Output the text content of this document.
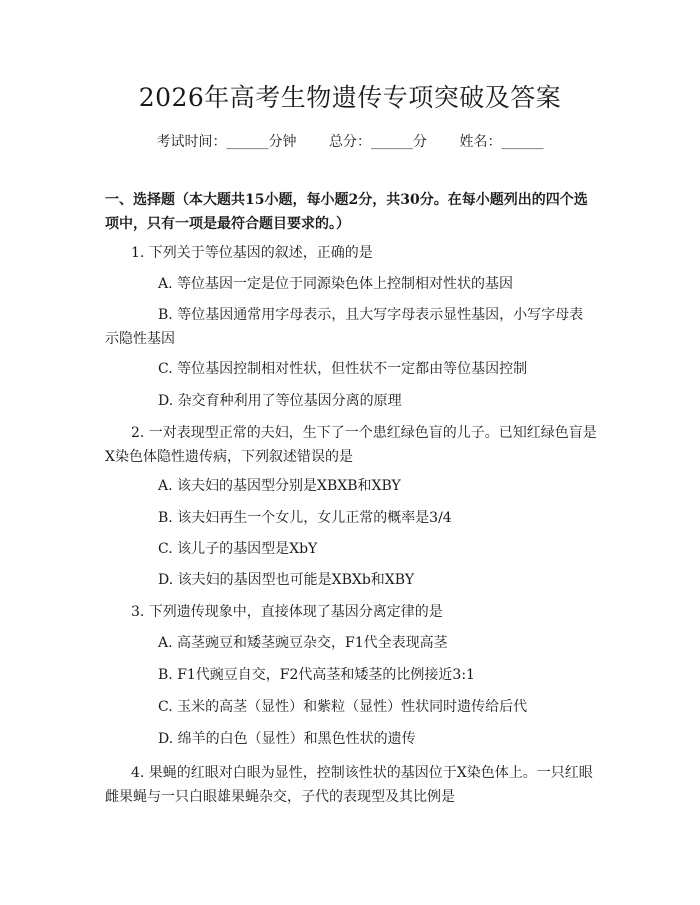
2026年高考生物遗传专项突破及答案
考试时间：______分钟 总分：______分 姓名：______
一、选择题（本大题共15小题，每小题2分，共30分。在每小题列出的四个选项中，只有一项是最符合题目要求的。）
1. 下列关于等位基因的叙述，正确的是
A. 等位基因一定是位于同源染色体上控制相对性状的基因
B. 等位基因通常用字母表示，且大写字母表示显性基因，小写字母表示隐性基因
C. 等位基因控制相对性状，但性状不一定都由等位基因控制
D. 杂交育种利用了等位基因分离的原理
2. 一对表现型正常的夫妇，生下了一个患红绿色盲的儿子。已知红绿色盲是X染色体隐性遗传病，下列叙述错误的是
A. 该夫妇的基因型分别是XBXB和XBY
B. 该夫妇再生一个女儿，女儿正常的概率是3/4
C. 该儿子的基因型是XbY
D. 该夫妇的基因型也可能是XBXb和XBY
3. 下列遗传现象中，直接体现了基因分离定律的是
A. 高茎豌豆和矮茎豌豆杂交，F1代全表现高茎
B. F1代豌豆自交，F2代高茎和矮茎的比例接近3:1
C. 玉米的高茎（显性）和紫粒（显性）性状同时遗传给后代
D. 绵羊的白色（显性）和黑色性状的遗传
4. 果蝇的红眼对白眼为显性，控制该性状的基因位于X染色体上。一只红眼雌果蝇与一只白眼雄果蝇杂交，子代的表现型及其比例是
